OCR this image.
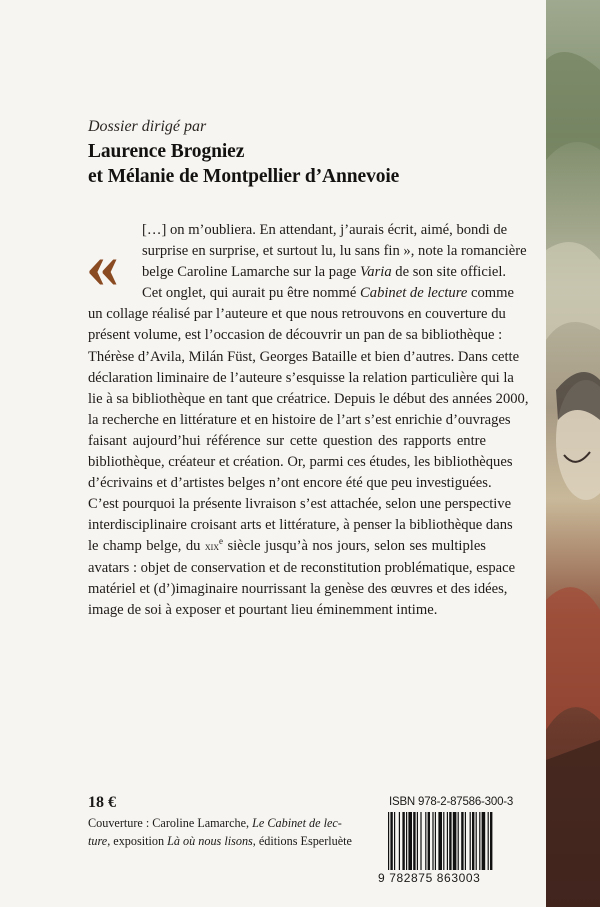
Dossier dirigé par
Laurence Brogniez
et Mélanie de Montpellier d’Annevoie
«	[…] on m’oubliera. En attendant, j’aurais écrit, aimé, bondi de
surprise en surprise, et surtout lu, lu sans fin », note la romancière
belge Caroline Lamarche sur la page Varia de son site officiel.
Cet onglet, qui aurait pu être nommé Cabinet de lecture comme
un collage réalisé par l’auteure et que nous retrouvons en couverture du
présent volume, est l’occasion de découvrir un pan de sa bibliothèque :
Thérèse d’Avila, Milán Füst, Georges Bataille et bien d’autres. Dans cette
déclaration liminaire de l’auteure s’esquisse la relation particulière qui la
lie à sa bibliothèque en tant que créatrice. Depuis le début des années 2000,
la recherche en littérature et en histoire de l’art s’est enrichie d’ouvrages
faisant aujourd’hui référence sur cette question des rapports entre
bibliothèque, créateur et création. Or, parmi ces études, les bibliothèques
d’écrivains et d’artistes belges n’ont encore été que peu investiguées.
C’est pourquoi la présente livraison s’est attachée, selon une perspective
interdisciplinaire croisant arts et littérature, à penser la bibliothèque dans
le champ belge, du xix$^e$ siècle jusqu’à nos jours, selon ses multiples
avatars : objet de conservation et de reconstitution problématique, espace
matériel et (d’)imaginaire nourrissant la genèse des œuvres et des idées,
image de soi à exposer et pourtant lieu éminemment intime.
18 €
Couverture : Caroline Lamarche, Le Cabinet de lec-
ture, exposition Là où nous lisons, éditions Esperluète
ISBN 978-2-87586-300-3
9 782875 863003
